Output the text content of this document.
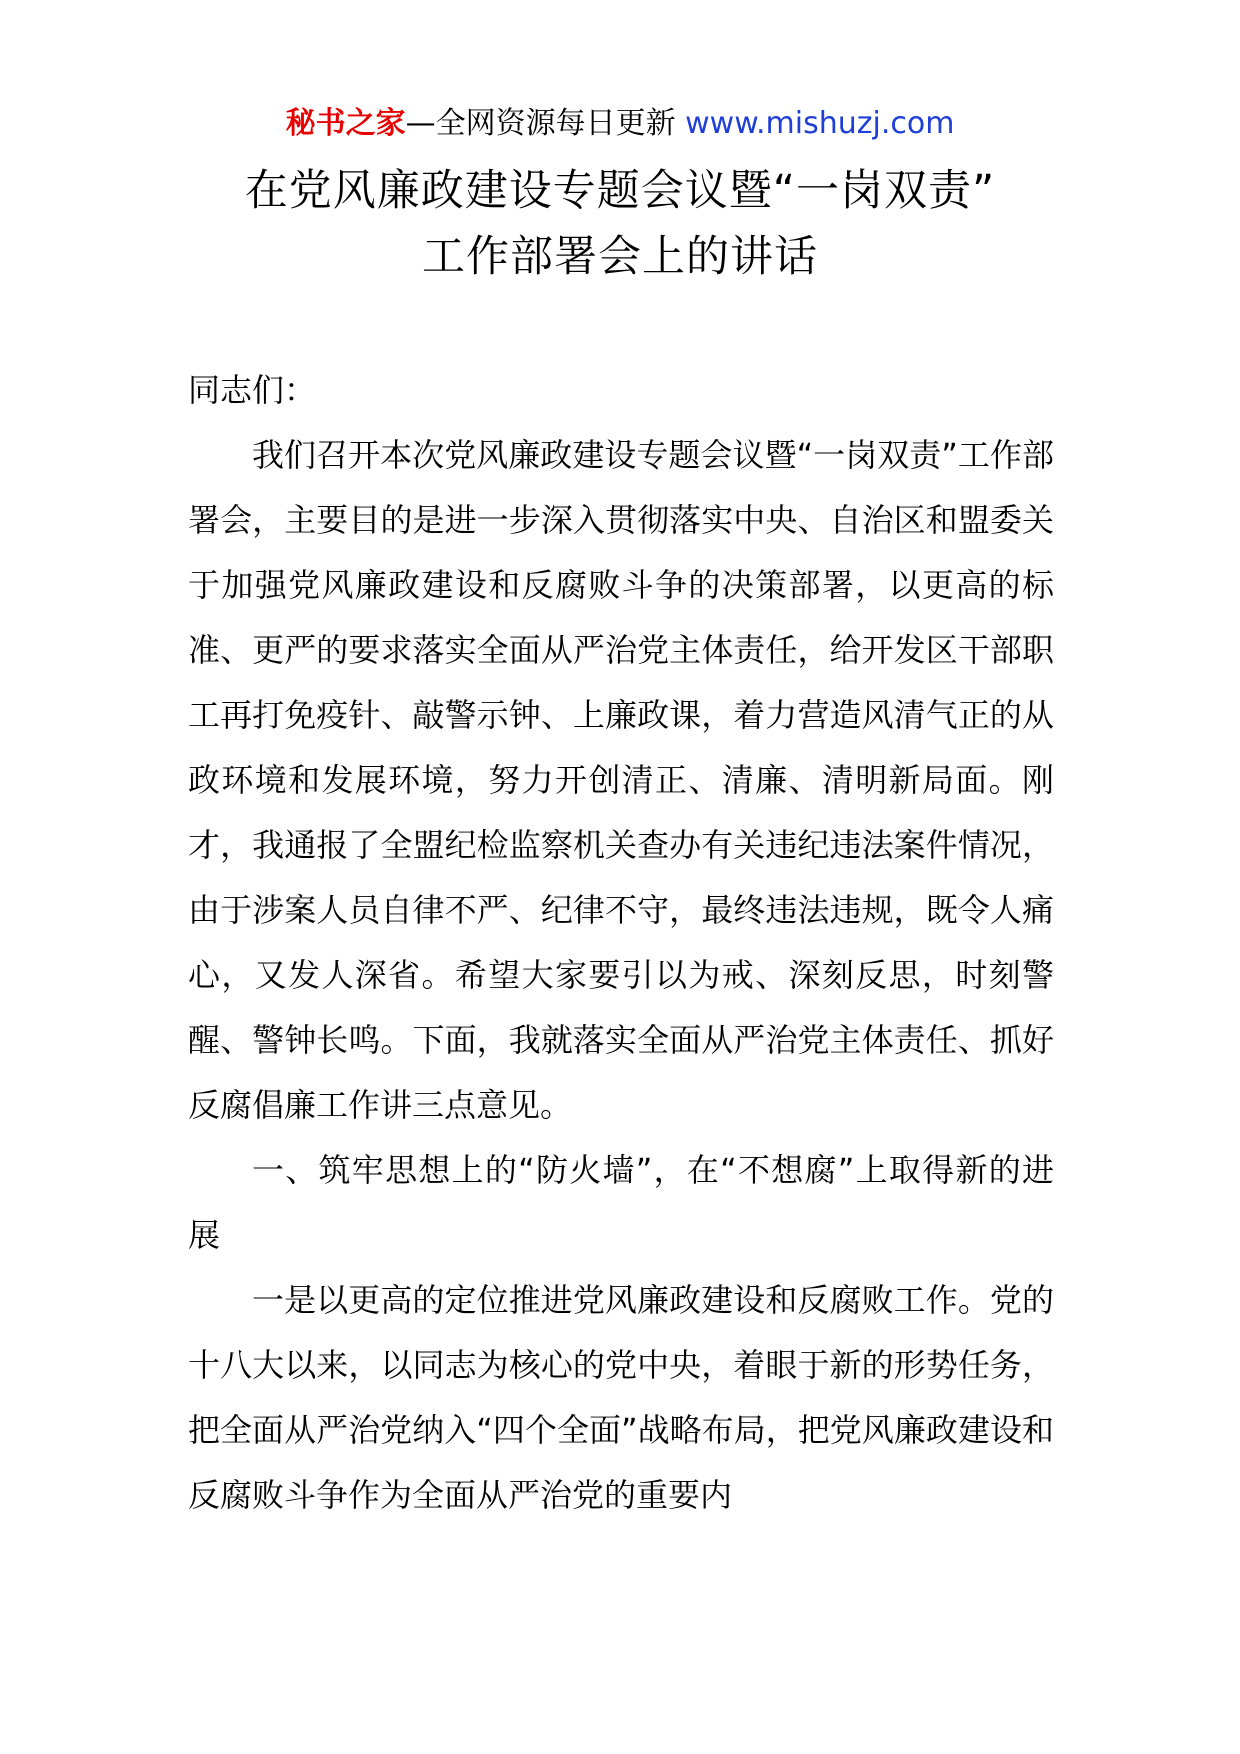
秘书之家—全网资源每日更新 www.mishuzj.com
在党风廉政建设专题会议暨“一岗双责”
工作部署会上的讲话

同志们：

我们召开本次党风廉政建设专题会议暨“一岗双责”工作部署会，主要目的是进一步深入贯彻落实中央、自治区和盟委关于加强党风廉政建设和反腐败斗争的决策部署，以更高的标准、更严的要求落实全面从严治党主体责任，给开发区干部职工再打免疫针、敲警示钟、上廉政课，着力营造风清气正的从政环境和发展环境，努力开创清正、清廉、清明新局面。刚才，我通报了全盟纪检监察机关查办有关违纪违法案件情况，由于涉案人员自律不严、纪律不守，最终违法违规，既令人痛心，又发人深省。希望大家要引以为戒、深刻反思，时刻警醒、警钟长鸣。下面，我就落实全面从严治党主体责任、抓好反腐倡廉工作讲三点意见。

一、筑牢思想上的“防火墙”，在“不想腐”上取得新的进展

一是以更高的定位推进党风廉政建设和反腐败工作。党的十八大以来，以同志为核心的党中央，着眼于新的形势任务，把全面从严治党纳入“四个全面”战略布局，把党风廉政建设和反腐败斗争作为全面从严治党的重要内
